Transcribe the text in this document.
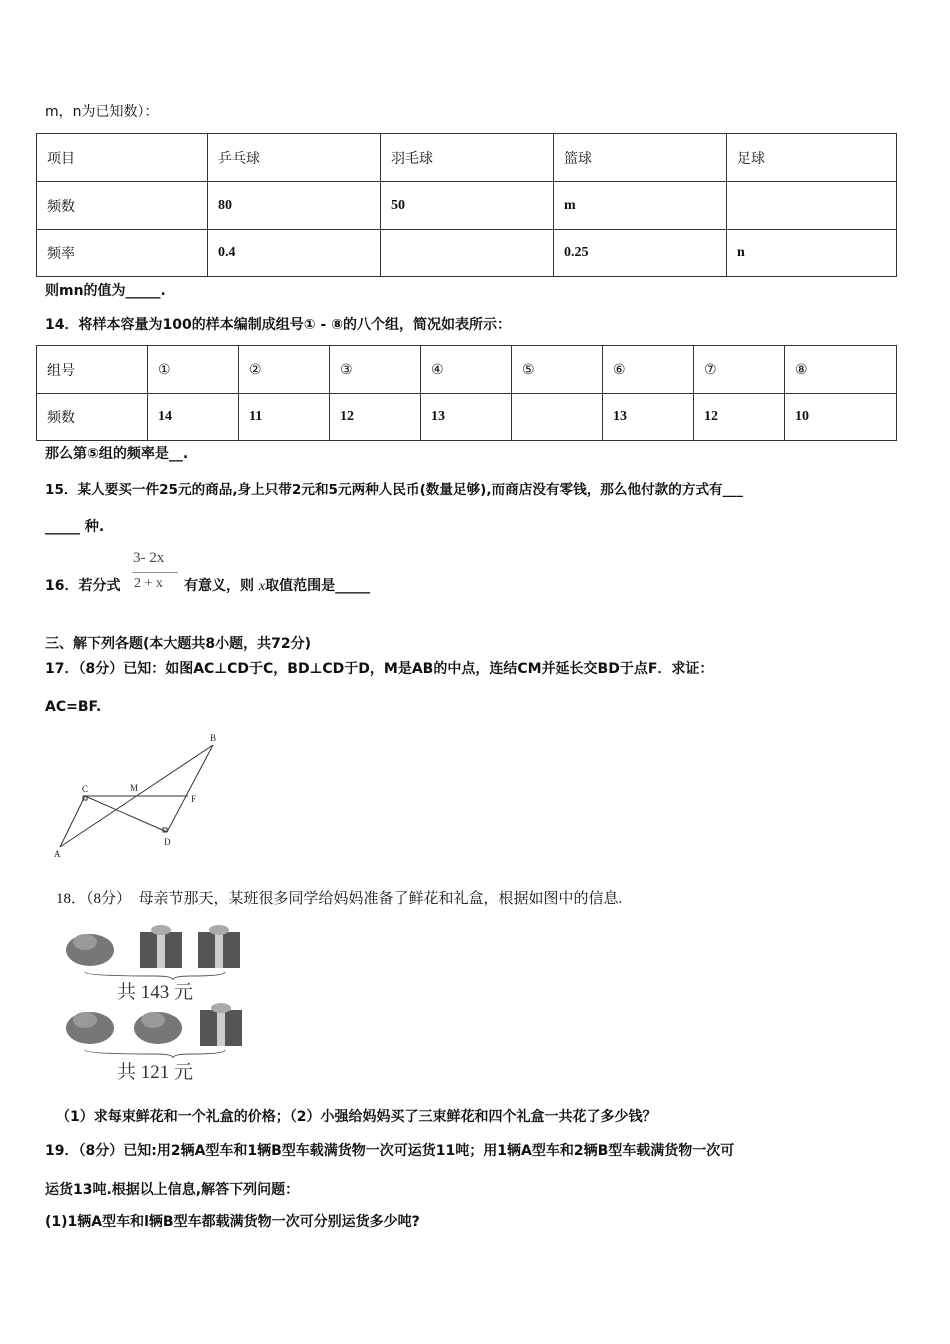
m，n为已知数）：
项目	乒乓球	羽毛球	篮球	足球
频数	80	50	m	
频率	0.4		0.25	n
则mn的值为_____.
14．将样本容量为100的样本编制成组号① - ⑧的八个组，简况如表所示：
组号	①	②	③	④	⑤	⑥	⑦	⑧
频数	14	11	12	13		13	12	10
那么第⑤组的频率是__.
15．某人要买一件25元的商品,身上只带2元和5元两种人民币(数量足够),而商店没有零钱，那么他付款的方式有___
_____ 种.
16．若分式
3- 2x
2 + x 有意义，则 x取值范围是_____
三、解下列各题(本大题共8小题，共72分)
17．（8分）已知：如图AC⊥CD于C，BD⊥CD于D，M是AB的中点，连结CM并延长交BD于点F．求证：
AC=BF.
A
B
C
D
M
F
18．（8分）　母亲节那天，某班很多同学给妈妈准备了鲜花和礼盒，根据如图中的信息.
共 143 元
共 121 元
（1）求每束鲜花和一个礼盒的价格；（2）小强给妈妈买了三束鲜花和四个礼盒一共花了多少钱？
19．（8分）已知:用2辆A型车和1辆B型车载满货物一次可运货11吨；用1辆A型车和2辆B型车载满货物一次可
运货13吨.根据以上信息,解答下列问题：
(1)1辆A型车和l辆B型车都载满货物一次可分别运货多少吨?
